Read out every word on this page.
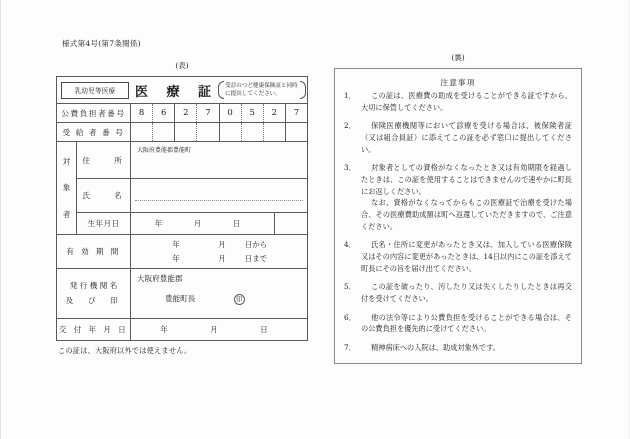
様式第4号(第7条関係)
(表)
乳幼児等医療	医 療 証	受診のつど健康保険証と同時に提出してください。
公費負担者番号	8	6	2	7	0	5	2	7
受 給 者 番 号
対
象
者
住　　所
大阪府豊能郡豊能町
氏　　名
生年月日	年	月	日
有 効 期 間
年	月	日から
年	月	日まで
発 行 機 関 名
及　び　印
大阪府豊能郡
豊能町長	印
交 付 年 月 日	年	月	日
この証は、大阪府以外では使えません。
(裏)
注意事項
1．	この証は、医療費の助成を受けることができる証ですから、大切に保管してください。
2．	保険医療機関等において診療を受ける場合は、被保険者証（又は組合員証）に添えてこの証を必ず窓口に提出してください。
3．	対象者としての資格がなくなったとき又は有効期限を経過したときは、この証を使用することはできませんので速やかに町長にお返しください。
なお、資格がなくなってからもこの医療証で治療を受けた場合、その医療費助成額は町へ返還していただきますので、ご注意ください。
4．	氏名・住所に変更があったとき又は、加入している医療保険又はその内容に変更があったときは、14日以内にこの証を添えて町長にその旨を届け出てください。
5．	この証を破ったり、汚したり又は失くしたりしたときは再交付を受けてください。
6．	他の法令等により公費負担を受けることができる場合は、その公費負担を優先的に受けてください。
7．	精神病床への入院は、助成対象外です。
